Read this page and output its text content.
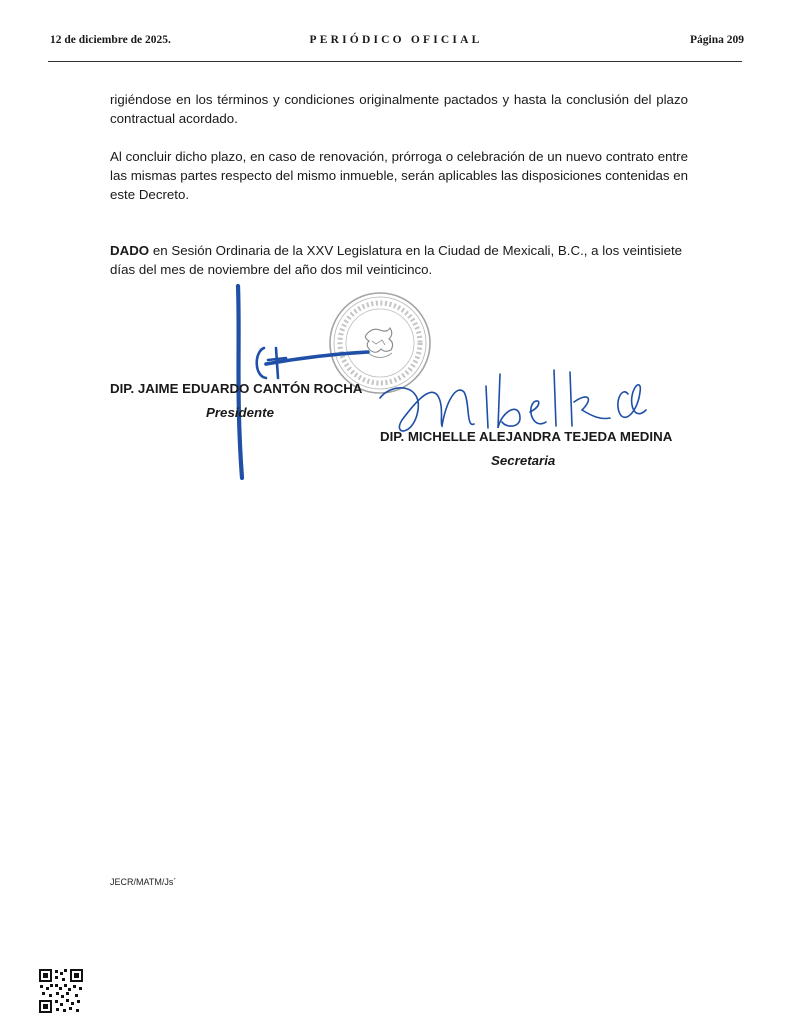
12 de diciembre de 2025.	PERIÓDICO OFICIAL	Página 209

rigiéndose en los términos y condiciones originalmente pactados y hasta la conclusión del plazo contractual acordado.

Al concluir dicho plazo, en caso de renovación, prórroga o celebración de un nuevo contrato entre las mismas partes respecto del mismo inmueble, serán aplicables las disposiciones contenidas en este Decreto.

DADO en Sesión Ordinaria de la XXV Legislatura en la Ciudad de Mexicali, B.C., a los veintisiete días del mes de noviembre del año dos mil veinticinco.

DIP. JAIME EDUARDO CANTÓN ROCHA

Presidente

DIP. MICHELLE ALEJANDRA TEJEDA MEDINA

Secretaria

JECR/MATM/Js´
